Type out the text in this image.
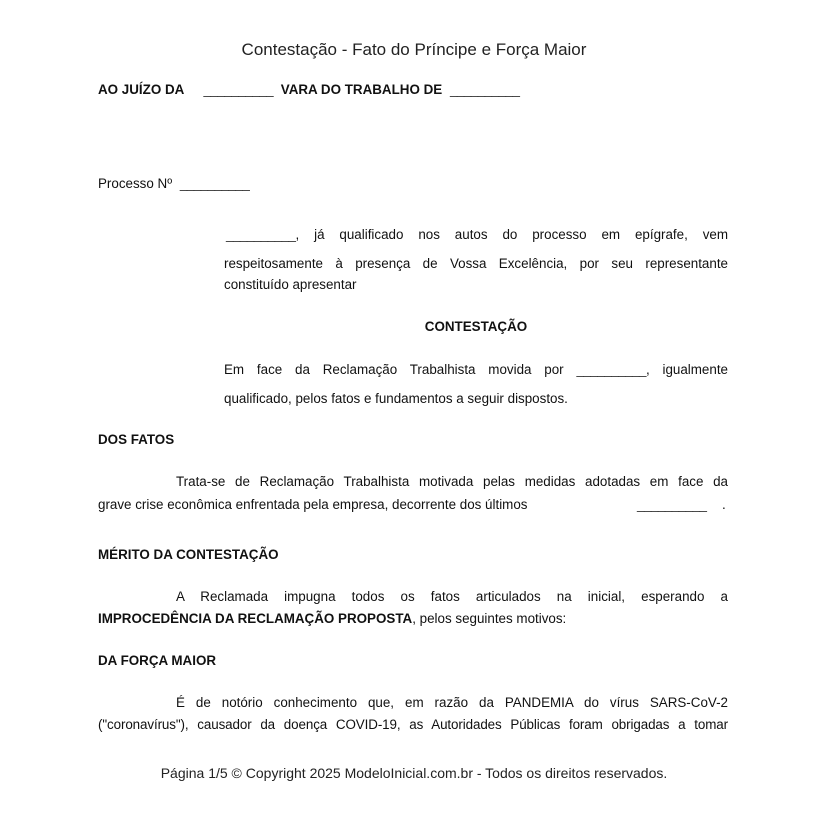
Contestação - Fato do Príncipe e Força Maior
AO JUÍZO DA __________ VARA DO TRABALHO DE __________
Processo Nº __________
__________, já qualificado nos autos do processo em epígrafe, vem
respeitosamente à presença de Vossa Excelência, por seu representante
constituído apresentar
CONTESTAÇÃO
Em face da Reclamação Trabalhista movida por __________, igualmente
qualificado, pelos fatos e fundamentos a seguir dispostos.
DOS FATOS
Trata-se de Reclamação Trabalhista motivada pelas medidas adotadas em face da
grave crise econômica enfrentada pela empresa, decorrente dos últimos	__________ .
MÉRITO DA CONTESTAÇÃO
A Reclamada impugna todos os fatos articulados na inicial, esperando a
IMPROCEDÊNCIA DA RECLAMAÇÃO PROPOSTA, pelos seguintes motivos:
DA FORÇA MAIOR
É de notório conhecimento que, em razão da PANDEMIA do vírus SARS-CoV-2
("coronavírus"), causador da doença COVID-19, as Autoridades Públicas foram obrigadas a tomar
Página 1/5 © Copyright 2025 ModeloInicial.com.br - Todos os direitos reservados.
